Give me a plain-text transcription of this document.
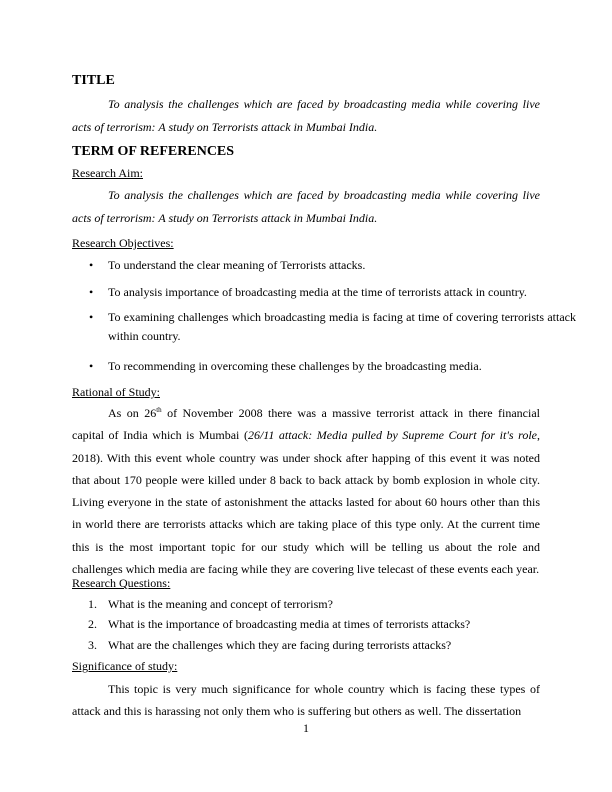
TITLE
To analysis the challenges which are faced by broadcasting media while covering live acts of terrorism: A study on Terrorists attack in Mumbai India.
TERM OF REFERENCES
Research Aim:
To analysis the challenges which are faced by broadcasting media while covering live acts of terrorism: A study on Terrorists attack in Mumbai India.
Research Objectives:
• To understand the clear meaning of Terrorists attacks.
• To analysis importance of broadcasting media at the time of terrorists attack in country.
• To examining challenges which broadcasting media is facing at time of covering terrorists attack within country.
• To recommending in overcoming these challenges by the broadcasting media.
Rational of Study:
As on 26th of November 2008 there was a massive terrorist attack in there financial capital of India which is Mumbai (26/11 attack: Media pulled by Supreme Court for it's role, 2018). With this event whole country was under shock after happing of this event it was noted that about 170 people were killed under 8 back to back attack by bomb explosion in whole city. Living everyone in the state of astonishment the attacks lasted for about 60 hours other than this in world there are terrorists attacks which are taking place of this type only. At the current time this is the most important topic for our study which will be telling us about the role and challenges which media are facing while they are covering live telecast of these events each year.
Research Questions:
1. What is the meaning and concept of terrorism?
2. What is the importance of broadcasting media at times of terrorists attacks?
3. What are the challenges which they are facing during terrorists attacks?
Significance of study:
This topic is very much significance for whole country which is facing these types of attack and this is harassing not only them who is suffering but others as well. The dissertation
1
